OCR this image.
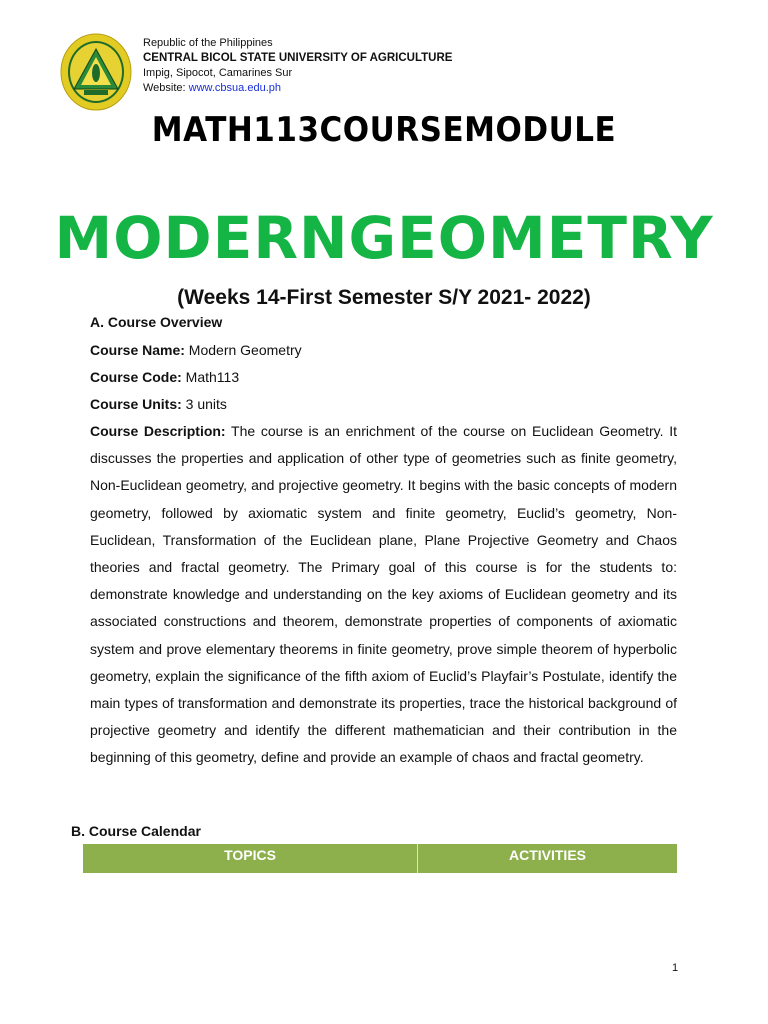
Republic of the Philippines
CENTRAL BICOL STATE UNIVERSITY OF AGRICULTURE
Impig, Sipocot, Camarines Sur
Website: www.cbsua.edu.ph
MATH113COURSEMODULE
MODERNGEOMETRY
(Weeks 14-First Semester S/Y 2021- 2022)
A. Course Overview
Course Name: Modern Geometry
Course Code: Math113
Course Units: 3 units
Course Description: The course is an enrichment of the course on Euclidean Geometry. It discusses the properties and application of other type of geometries such as finite geometry, Non-Euclidean geometry, and projective geometry. It begins with the basic concepts of modern geometry, followed by axiomatic system and finite geometry, Euclid’s geometry, Non-Euclidean, Transformation of the Euclidean plane, Plane Projective Geometry and Chaos theories and fractal geometry. The Primary goal of this course is for the students to: demonstrate knowledge and understanding on the key axioms of Euclidean geometry and its associated constructions and theorem, demonstrate properties of components of axiomatic system and prove elementary theorems in finite geometry, prove simple theorem of hyperbolic geometry, explain the significance of the fifth axiom of Euclid’s Playfair’s Postulate, identify the main types of transformation and demonstrate its properties, trace the historical background of projective geometry and identify the different mathematician and their contribution in the beginning of this geometry, define and provide an example of chaos and fractal geometry.
B. Course Calendar
TOPICS	ACTIVITIES
1
